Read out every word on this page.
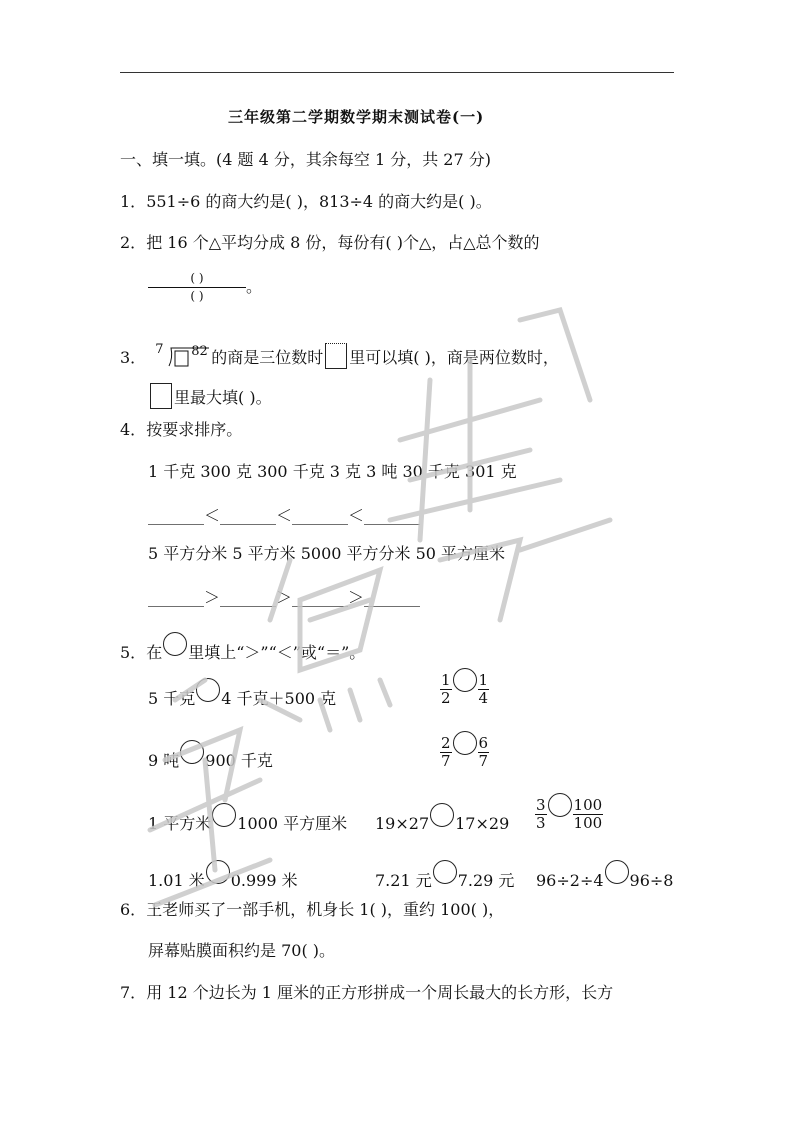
三年级第二学期数学期末测试卷(一)
一、填一填。(4 题 4 分，其余每空 1 分，共 27 分)
1．551÷6 的商大约是( )，813÷4 的商大约是( )。
2．把 16 个△平均分成 8 份，每份有( )个△，占△总个数的
$\frac{( )}{( )}$ 。
3． 7 82 的商是三位数时 里可以填( )，商是两位数时，
里最大填( )。
4．按要求排序。
1 千克 300 克 300 千克 3 克 3 吨 30 千克 301 克
_______＜_______＜_______＜_______
5 平方分米 5 平方米 5000 平方分米 50 平方厘米
_______＞_______＞_______＞_______
5．在 里填上“＞”“＜”或“＝”。
5 千克 4 千克＋500 克	$\frac{1}{2} \frac{1}{4}$
9 吨 900 千克	$\frac{2}{7} \frac{6}{7}$
1 平方米 1000 平方厘米 19×27 $17\times 29 \frac{3}{3} \frac{100}{100}$
1.01 米 0.999 米	7.21 元 7.29 元 96÷2÷4 96÷8
6．王老师买了一部手机，机身长 1( )，重约 100( )，
屏幕贴膜面积约是 70( )。
7．用 12 个边长为 1 厘米的正方形拼成一个周长最大的长方形，长方
